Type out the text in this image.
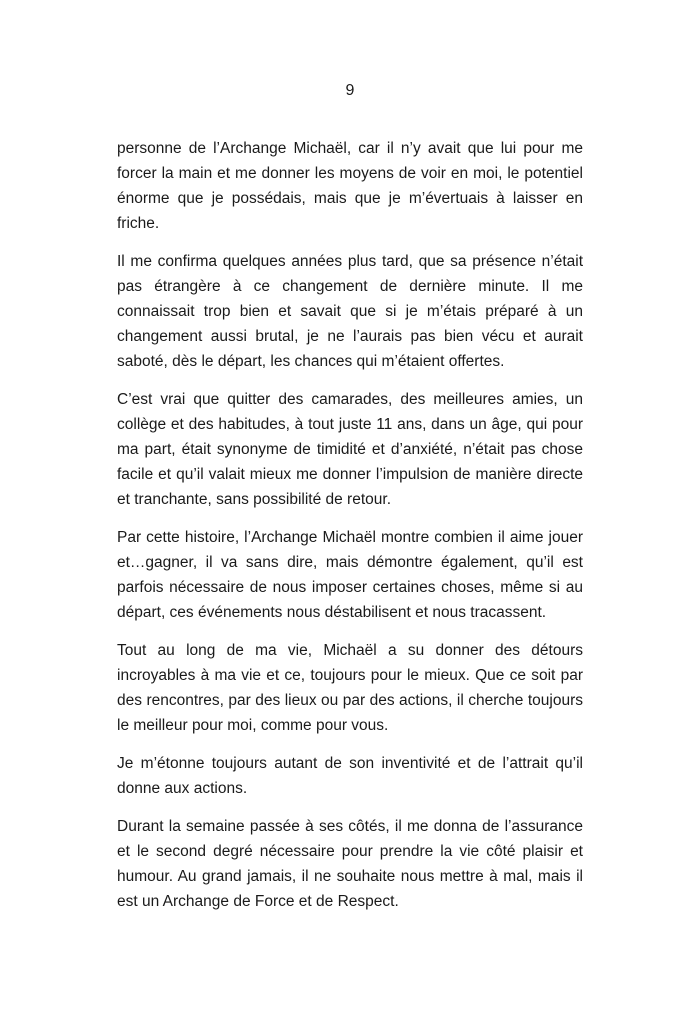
9

personne de l’Archange Michaël, car il n’y avait que lui pour me forcer la main et me donner les moyens de voir en moi, le potentiel énorme que je possédais, mais que je m’évertuais à laisser en friche.

Il me confirma quelques années plus tard, que sa présence n’était pas étrangère à ce changement de dernière minute. Il me connaissait trop bien et savait que si je m’étais préparé à un changement aussi brutal, je ne l’aurais pas bien vécu et aurait saboté, dès le départ, les chances qui m’étaient offertes.

C’est vrai que quitter des camarades, des meilleures amies, un collège et des habitudes, à tout juste 11 ans, dans un âge, qui pour ma part, était synonyme de timidité et d’anxiété, n’était pas chose facile et qu’il valait mieux me donner l’impulsion de manière directe et tranchante, sans possibilité de retour.

Par cette histoire, l’Archange Michaël montre combien il aime jouer et…gagner, il va sans dire, mais démontre également, qu’il est parfois nécessaire de nous imposer certaines choses, même si au départ, ces événements nous déstabilisent et nous tracassent.

Tout au long de ma vie, Michaël a su donner des détours incroyables à ma vie et ce, toujours pour le mieux. Que ce soit par des rencontres, par des lieux ou par des actions, il cherche toujours le meilleur pour moi, comme pour vous.

Je m’étonne toujours autant de son inventivité et de l’attrait qu’il donne aux actions.

Durant la semaine passée à ses côtés, il me donna de l’assurance et le second degré nécessaire pour prendre la vie côté plaisir et humour. Au grand jamais, il ne souhaite nous mettre à mal, mais il est un Archange de Force et de Respect.
